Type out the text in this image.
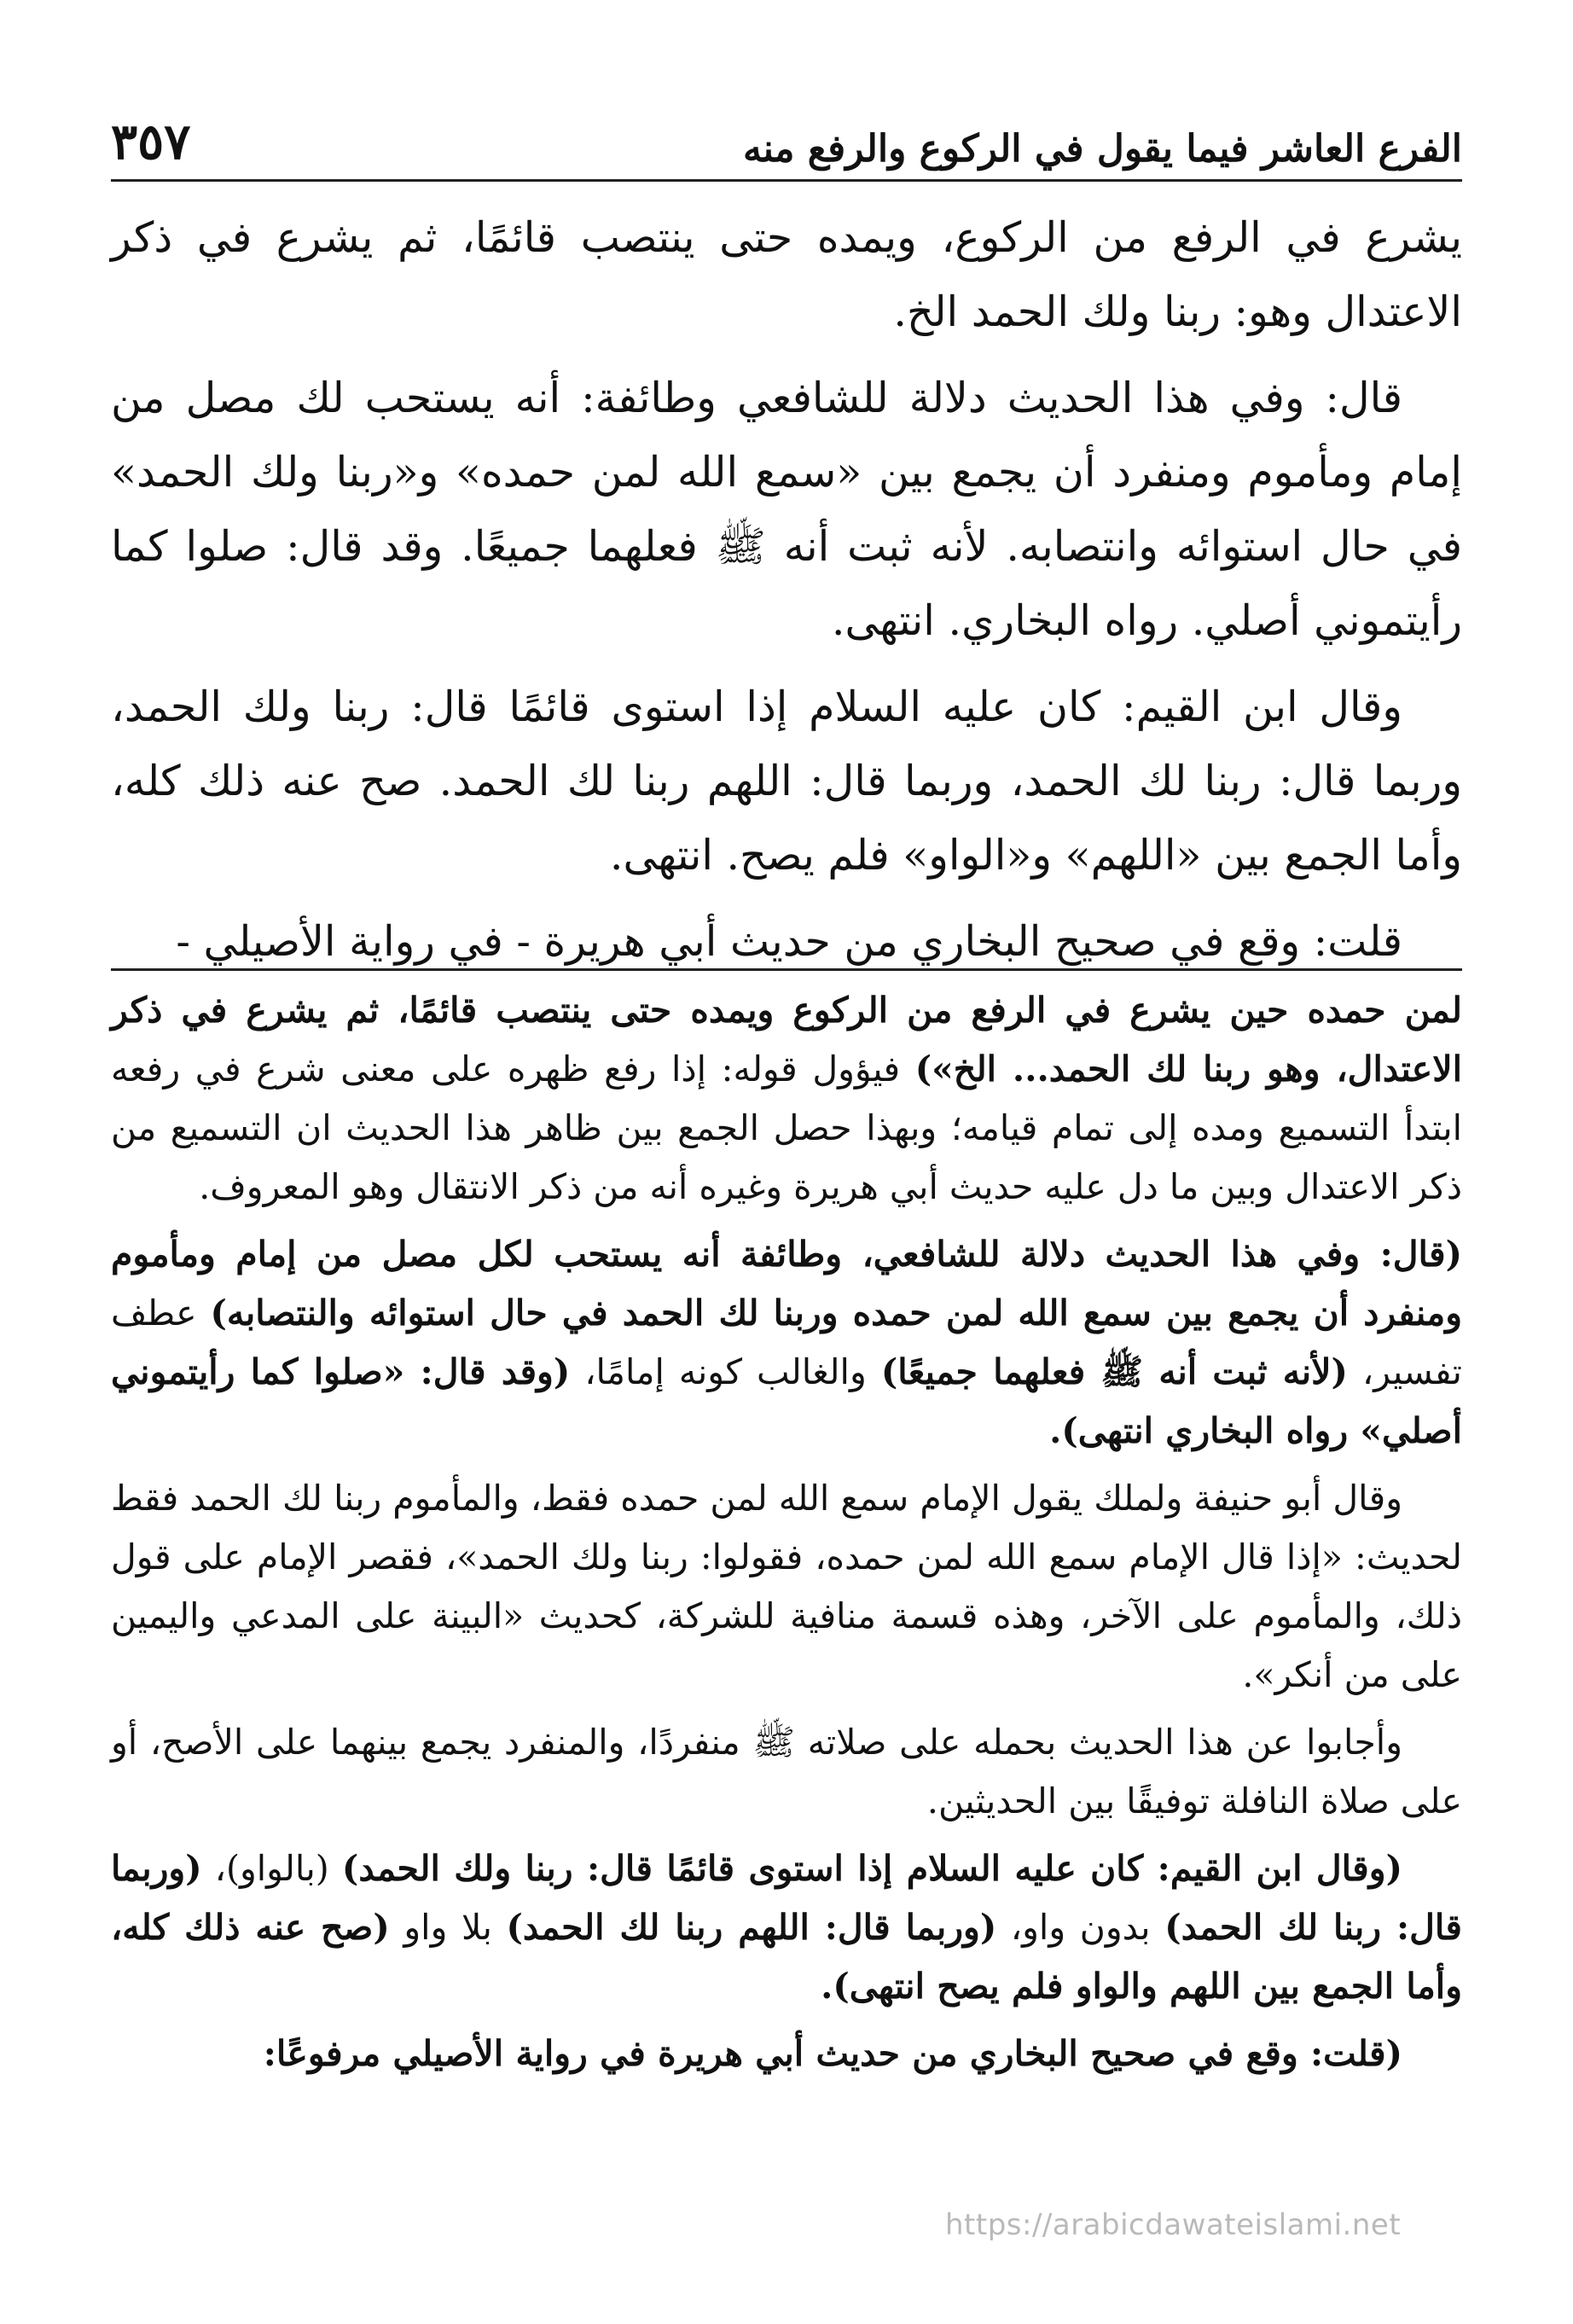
الفرع العاشر فيما يقول في الركوع والرفع منه
٣٥٧

يشرع في الرفع من الركوع، ويمده حتى ينتصب قائمًا، ثم يشرع في ذكر الاعتدال وهو: ربنا ولك الحمد الخ.

قال: وفي هذا الحديث دلالة للشافعي وطائفة: أنه يستحب لك مصل من إمام ومأموم ومنفرد أن يجمع بين «سمع الله لمن حمده» و«ربنا ولك الحمد» في حال استوائه وانتصابه. لأنه ثبت أنه ﷺ فعلهما جميعًا. وقد قال: صلوا كما رأيتموني أصلي. رواه البخاري. انتهى.

وقال ابن القيم: كان عليه السلام إذا استوى قائمًا قال: ربنا ولك الحمد، وربما قال: ربنا لك الحمد، وربما قال: اللهم ربنا لك الحمد. صح عنه ذلك كله، وأما الجمع بين «اللهم» و«الواو» فلم يصح. انتهى.

قلت: وقع في صحيح البخاري من حديث أبي هريرة - في رواية الأصيلي -

لمن حمده حين يشرع في الرفع من الركوع ويمده حتى ينتصب قائمًا، ثم يشرع في ذكر الاعتدال، وهو ربنا لك الحمد... الخ») فيؤول قوله: إذا رفع ظهره على معنى شرع في رفعه ابتدأ التسميع ومده إلى تمام قيامه؛ وبهذا حصل الجمع بين ظاهر هذا الحديث ان التسميع من ذكر الاعتدال وبين ما دل عليه حديث أبي هريرة وغيره أنه من ذكر الانتقال وهو المعروف.

(قال: وفي هذا الحديث دلالة للشافعي، وطائفة أنه يستحب لكل مصل من إمام ومأموم ومنفرد أن يجمع بين سمع الله لمن حمده وربنا لك الحمد في حال استوائه والنتصابه) عطف تفسير، (لأنه ثبت أنه ﷺ فعلهما جميعًا) والغالب كونه إمامًا، (وقد قال: «صلوا كما رأيتموني أصلي» رواه البخاري انتهى).

وقال أبو حنيفة ولملك يقول الإمام سمع الله لمن حمده فقط، والمأموم ربنا لك الحمد فقط لحديث: «إذا قال الإمام سمع الله لمن حمده، فقولوا: ربنا ولك الحمد»، فقصر الإمام على قول ذلك، والمأموم على الآخر، وهذه قسمة منافية للشركة، كحديث «البينة على المدعي واليمين على من أنكر».

وأجابوا عن هذا الحديث بحمله على صلاته ﷺ منفردًا، والمنفرد يجمع بينهما على الأصح، أو على صلاة النافلة توفيقًا بين الحديثين.

(وقال ابن القيم: كان عليه السلام إذا استوى قائمًا قال: ربنا ولك الحمد) (بالواو)، (وربما قال: ربنا لك الحمد) بدون واو، (وربما قال: اللهم ربنا لك الحمد) بلا واو (صح عنه ذلك كله، وأما الجمع بين اللهم والواو فلم يصح انتهى).

(قلت: وقع في صحيح البخاري من حديث أبي هريرة في رواية الأصيلي مرفوعًا:

https://arabicdawateislami.net
